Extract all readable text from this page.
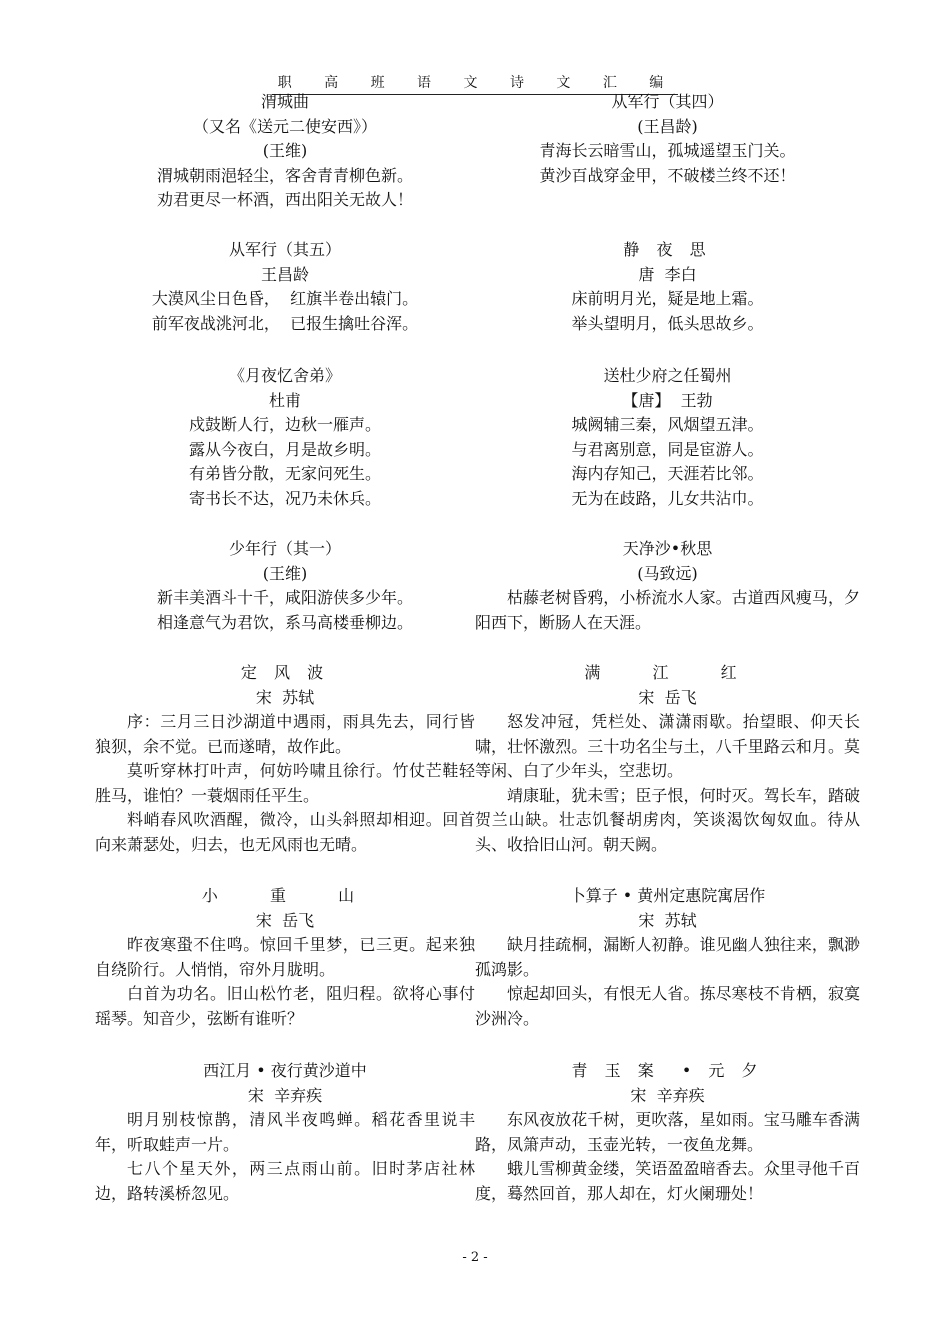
职 高 班 语 文 诗 文 汇 编
渭城曲
（又名《送元二使安西》）
(王维)
渭城朝雨浥轻尘，客舍青青柳色新。
劝君更尽一杯酒，西出阳关无故人！
从军行（其五）
王昌龄
大漠风尘日色昏，  红旗半卷出辕门。
前军夜战洮河北，  已报生擒吐谷浑。
《月夜忆舍弟》
杜甫
戍鼓断人行，边秋一雁声。
露从今夜白，月是故乡明。
有弟皆分散，无家问死生。
寄书长不达，况乃未休兵。
少年行（其一）
(王维)
新丰美酒斗十千，咸阳游侠多少年。
相逢意气为君饮，系马高楼垂柳边。
定 风 波
宋  苏轼
序：三月三日沙湖道中遇雨，雨具先去，同行皆狼狈，余不觉。已而遂晴，故作此。
莫听穿林打叶声，何妨吟啸且徐行。竹仗芒鞋轻胜马，谁怕？一蓑烟雨任平生。
料峭春风吹酒醒，微冷，山头斜照却相迎。回首向来萧瑟处，归去，也无风雨也无晴。
小  重  山
宋  岳飞
昨夜寒蛩不住鸣。惊回千里梦，已三更。起来独自绕阶行。人悄悄，帘外月胧明。
白首为功名。旧山松竹老，阻归程。欲将心事付瑶琴。知音少，弦断有谁听？
西江月 • 夜行黄沙道中
宋  辛弃疾
明月别枝惊鹊，清风半夜鸣蝉。稻花香里说丰年，听取蛙声一片。
七八个星天外，两三点雨山前。旧时茅店社林边，路转溪桥忽见。
从军行（其四）
(王昌龄)
青海长云暗雪山，孤城遥望玉门关。
黄沙百战穿金甲，不破楼兰终不还！
静 夜 思
唐  李白
床前明月光，疑是地上霜。
举头望明月，低头思故乡。
送杜少府之任蜀州
【唐】  王勃
城阙辅三秦，风烟望五津。
与君离别意，同是宦游人。
海内存知己，天涯若比邻。
无为在歧路，儿女共沾巾。
天净沙•秋思
(马致远)
枯藤老树昏鸦，小桥流水人家。古道西风瘦马，夕阳西下，断肠人在天涯。
满  江  红
宋  岳飞
怒发冲冠，凭栏处、潇潇雨歇。抬望眼、仰天长啸，壮怀激烈。三十功名尘与土，八千里路云和月。莫等闲、白了少年头，空悲切。
靖康耻，犹未雪；臣子恨，何时灭。驾长车，踏破贺兰山缺。壮志饥餐胡虏肉，笑谈渴饮匈奴血。待从头、收拾旧山河。朝天阙。
卜算子 • 黄州定惠院寓居作
宋  苏轼
缺月挂疏桐，漏断人初静。谁见幽人独往来，飘渺孤鸿影。
惊起却回头，有恨无人省。拣尽寒枝不肯栖，寂寞沙洲冷。
青 玉 案  • 元 夕
宋  辛弃疾
东风夜放花千树，更吹落，星如雨。宝马雕车香满路，凤箫声动，玉壶光转，一夜鱼龙舞。
蛾儿雪柳黄金缕，笑语盈盈暗香去。众里寻他千百度，蓦然回首，那人却在，灯火阑珊处！
- 2 -
